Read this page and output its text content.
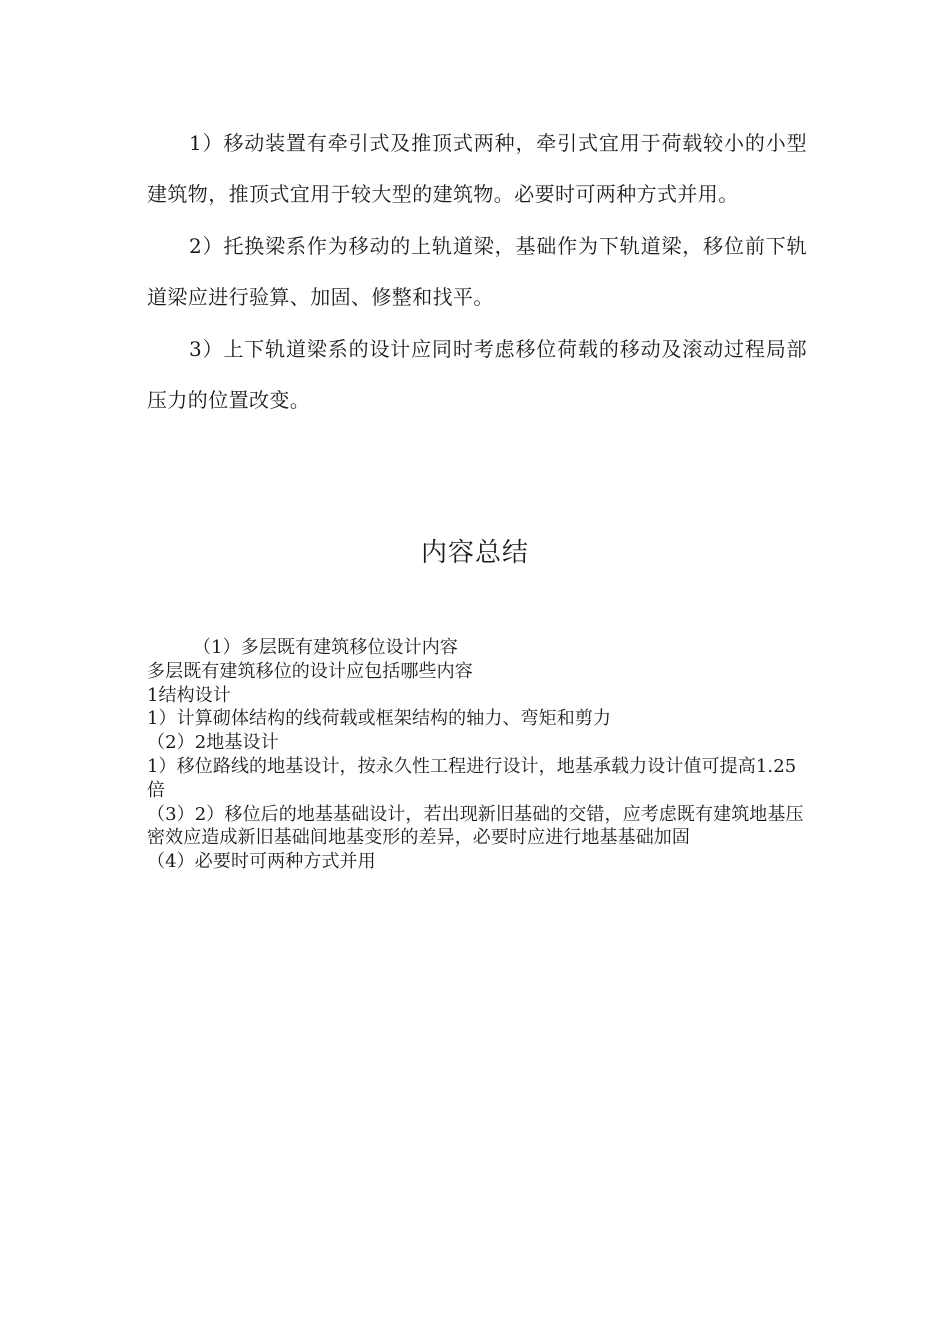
1）移动装置有牵引式及推顶式两种，牵引式宜用于荷载较小的小型建筑物，推顶式宜用于较大型的建筑物。必要时可两种方式并用。

2）托换梁系作为移动的上轨道梁，基础作为下轨道梁，移位前下轨道梁应进行验算、加固、修整和找平。

3）上下轨道梁系的设计应同时考虑移位荷载的移动及滚动过程局部压力的位置改变。

内容总结

（1）多层既有建筑移位设计内容

多层既有建筑移位的设计应包括哪些内容

1结构设计

1）计算砌体结构的线荷载或框架结构的轴力、弯矩和剪力

（2）2地基设计

1）移位路线的地基设计，按永久性工程进行设计，地基承载力设计值可提高1.25倍

（3）2）移位后的地基基础设计，若出现新旧基础的交错，应考虑既有建筑地基压密效应造成新旧基础间地基变形的差异，必要时应进行地基基础加固

（4）必要时可两种方式并用
